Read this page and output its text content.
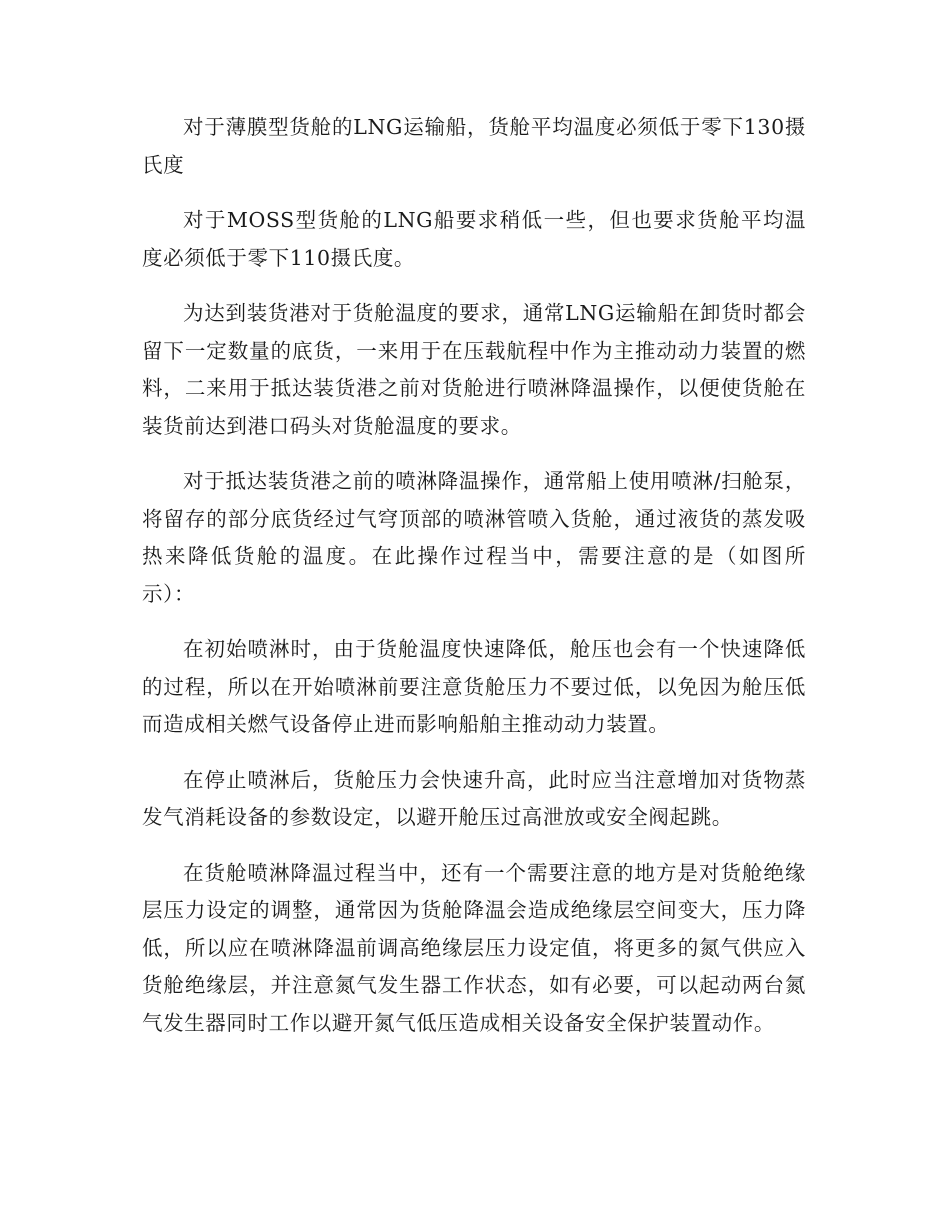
对于薄膜型货舱的LNG运输船，货舱平均温度必须低于零下130摄氏度

对于MOSS型货舱的LNG船要求稍低一些，但也要求货舱平均温度必须低于零下110摄氏度。

为达到装货港对于货舱温度的要求，通常LNG运输船在卸货时都会留下一定数量的底货，一来用于在压载航程中作为主推动动力装置的燃料，二来用于抵达装货港之前对货舱进行喷淋降温操作，以便使货舱在装货前达到港口码头对货舱温度的要求。

对于抵达装货港之前的喷淋降温操作，通常船上使用喷淋/扫舱泵，将留存的部分底货经过气穹顶部的喷淋管喷入货舱，通过液货的蒸发吸热来降低货舱的温度。在此操作过程当中，需要注意的是（如图所示）：

在初始喷淋时，由于货舱温度快速降低，舱压也会有一个快速降低的过程，所以在开始喷淋前要注意货舱压力不要过低，以免因为舱压低而造成相关燃气设备停止进而影响船舶主推动动力装置。

在停止喷淋后，货舱压力会快速升高，此时应当注意增加对货物蒸发气消耗设备的参数设定，以避开舱压过高泄放或安全阀起跳。

在货舱喷淋降温过程当中，还有一个需要注意的地方是对货舱绝缘层压力设定的调整，通常因为货舱降温会造成绝缘层空间变大，压力降低，所以应在喷淋降温前调高绝缘层压力设定值，将更多的氮气供应入货舱绝缘层，并注意氮气发生器工作状态，如有必要，可以起动两台氮气发生器同时工作以避开氮气低压造成相关设备安全保护装置动作。
